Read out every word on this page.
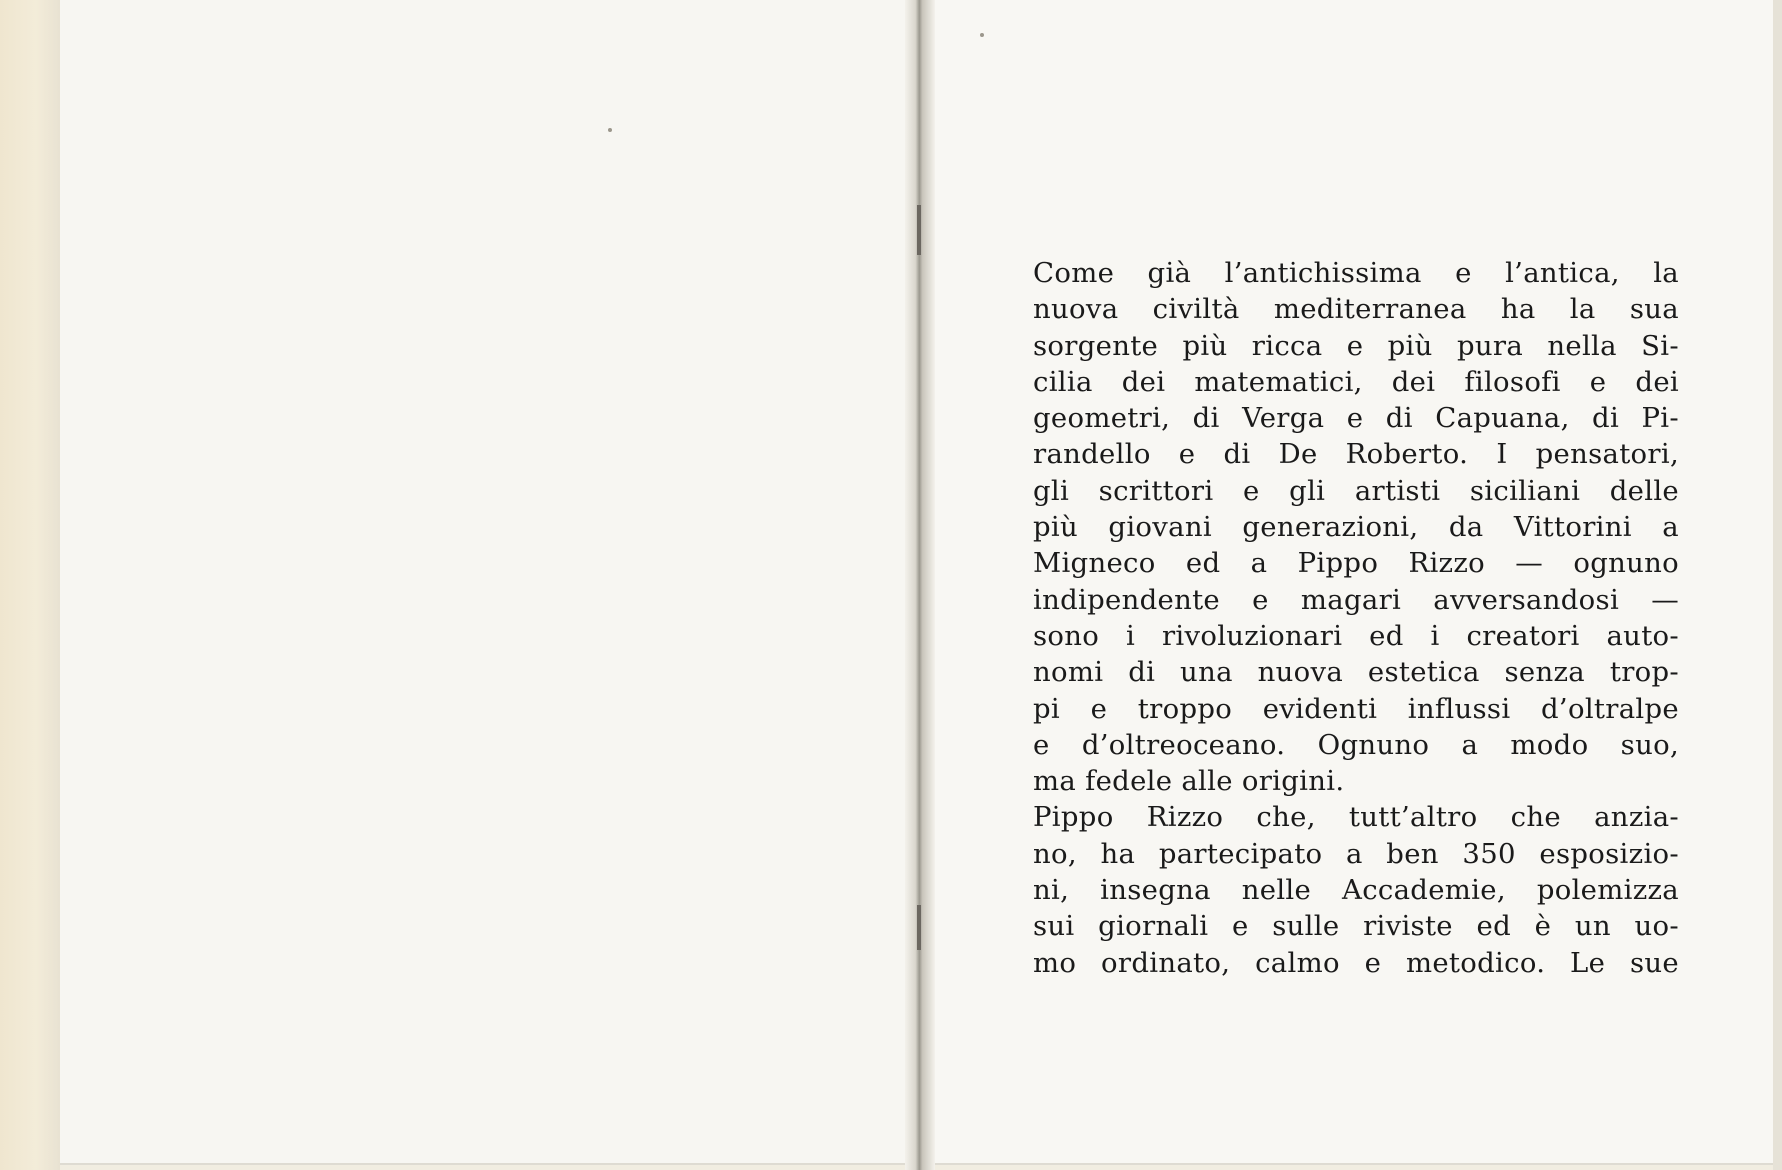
Come già l’antichissima e l’antica, la
nuova civiltà mediterranea ha la sua
sorgente più ricca e più pura nella Si-
cilia dei matematici, dei filosofi e dei
geometri, di Verga e di Capuana, di Pi-
randello e di De Roberto. I pensatori,
gli scrittori e gli artisti siciliani delle
più giovani generazioni, da Vittorini a
Migneco ed a Pippo Rizzo — ognuno
indipendente e magari avversandosi —
sono i rivoluzionari ed i creatori auto-
nomi di una nuova estetica senza trop-
pi e troppo evidenti influssi d’oltralpe
e d’oltreoceano. Ognuno a modo suo,
ma fedele alle origini.
Pippo Rizzo che, tutt’altro che anzia-
no, ha partecipato a ben 350 esposizio-
ni, insegna nelle Accademie, polemizza
sui giornali e sulle riviste ed è un uo-
mo ordinato, calmo e metodico. Le sue
